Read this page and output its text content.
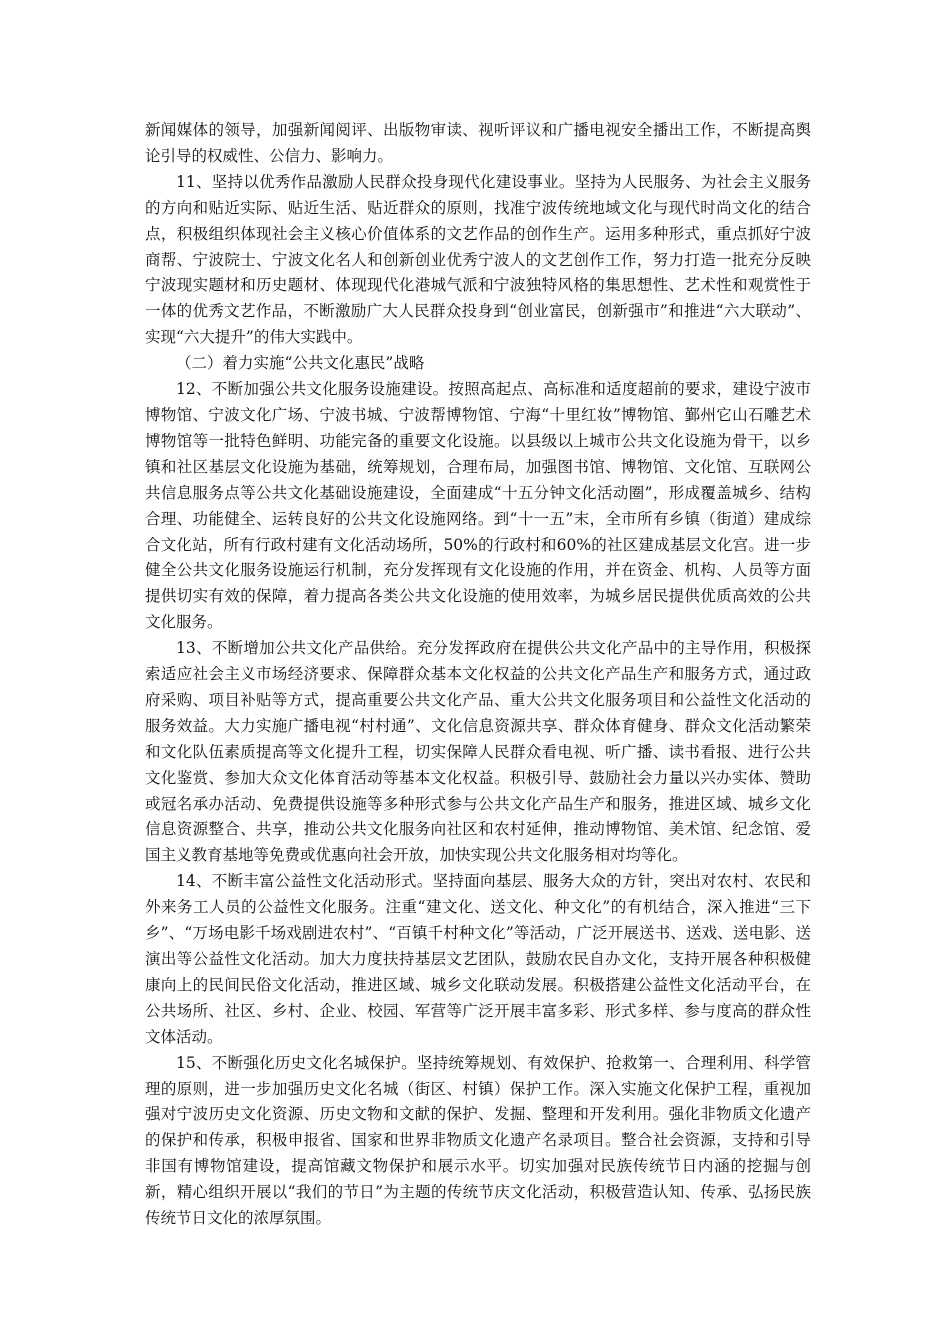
新闻媒体的领导，加强新闻阅评、出版物审读、视听评议和广播电视安全播出工作，不断提高舆论引导的权威性、公信力、影响力。

11、坚持以优秀作品激励人民群众投身现代化建设事业。坚持为人民服务、为社会主义服务的方向和贴近实际、贴近生活、贴近群众的原则，找准宁波传统地域文化与现代时尚文化的结合点，积极组织体现社会主义核心价值体系的文艺作品的创作生产。运用多种形式，重点抓好宁波商帮、宁波院士、宁波文化名人和创新创业优秀宁波人的文艺创作工作，努力打造一批充分反映宁波现实题材和历史题材、体现现代化港城气派和宁波独特风格的集思想性、艺术性和观赏性于一体的优秀文艺作品，不断激励广大人民群众投身到“创业富民，创新强市”和推进“六大联动”、实现“六大提升”的伟大实践中。

（二）着力实施“公共文化惠民”战略

12、不断加强公共文化服务设施建设。按照高起点、高标准和适度超前的要求，建设宁波市博物馆、宁波文化广场、宁波书城、宁波帮博物馆、宁海“十里红妆”博物馆、鄞州它山石雕艺术博物馆等一批特色鲜明、功能完备的重要文化设施。以县级以上城市公共文化设施为骨干，以乡镇和社区基层文化设施为基础，统筹规划，合理布局，加强图书馆、博物馆、文化馆、互联网公共信息服务点等公共文化基础设施建设，全面建成“十五分钟文化活动圈”，形成覆盖城乡、结构合理、功能健全、运转良好的公共文化设施网络。到“十一五”末，全市所有乡镇（街道）建成综合文化站，所有行政村建有文化活动场所，50%的行政村和60%的社区建成基层文化宫。进一步健全公共文化服务设施运行机制，充分发挥现有文化设施的作用，并在资金、机构、人员等方面提供切实有效的保障，着力提高各类公共文化设施的使用效率，为城乡居民提供优质高效的公共文化服务。

13、不断增加公共文化产品供给。充分发挥政府在提供公共文化产品中的主导作用，积极探索适应社会主义市场经济要求、保障群众基本文化权益的公共文化产品生产和服务方式，通过政府采购、项目补贴等方式，提高重要公共文化产品、重大公共文化服务项目和公益性文化活动的服务效益。大力实施广播电视“村村通”、文化信息资源共享、群众体育健身、群众文化活动繁荣和文化队伍素质提高等文化提升工程，切实保障人民群众看电视、听广播、读书看报、进行公共文化鉴赏、参加大众文化体育活动等基本文化权益。积极引导、鼓励社会力量以兴办实体、赞助或冠名承办活动、免费提供设施等多种形式参与公共文化产品生产和服务，推进区域、城乡文化信息资源整合、共享，推动公共文化服务向社区和农村延伸，推动博物馆、美术馆、纪念馆、爱国主义教育基地等免费或优惠向社会开放，加快实现公共文化服务相对均等化。

14、不断丰富公益性文化活动形式。坚持面向基层、服务大众的方针，突出对农村、农民和外来务工人员的公益性文化服务。注重“建文化、送文化、种文化”的有机结合，深入推进“三下乡”、“万场电影千场戏剧进农村”、“百镇千村种文化”等活动，广泛开展送书、送戏、送电影、送演出等公益性文化活动。加大力度扶持基层文艺团队，鼓励农民自办文化，支持开展各种积极健康向上的民间民俗文化活动，推进区域、城乡文化联动发展。积极搭建公益性文化活动平台，在公共场所、社区、乡村、企业、校园、军营等广泛开展丰富多彩、形式多样、参与度高的群众性文体活动。

15、不断强化历史文化名城保护。坚持统筹规划、有效保护、抢救第一、合理利用、科学管理的原则，进一步加强历史文化名城（街区、村镇）保护工作。深入实施文化保护工程，重视加强对宁波历史文化资源、历史文物和文献的保护、发掘、整理和开发利用。强化非物质文化遗产的保护和传承，积极申报省、国家和世界非物质文化遗产名录项目。整合社会资源，支持和引导非国有博物馆建设，提高馆藏文物保护和展示水平。切实加强对民族传统节日内涵的挖掘与创新，精心组织开展以“我们的节日”为主题的传统节庆文化活动，积极营造认知、传承、弘扬民族传统节日文化的浓厚氛围。
